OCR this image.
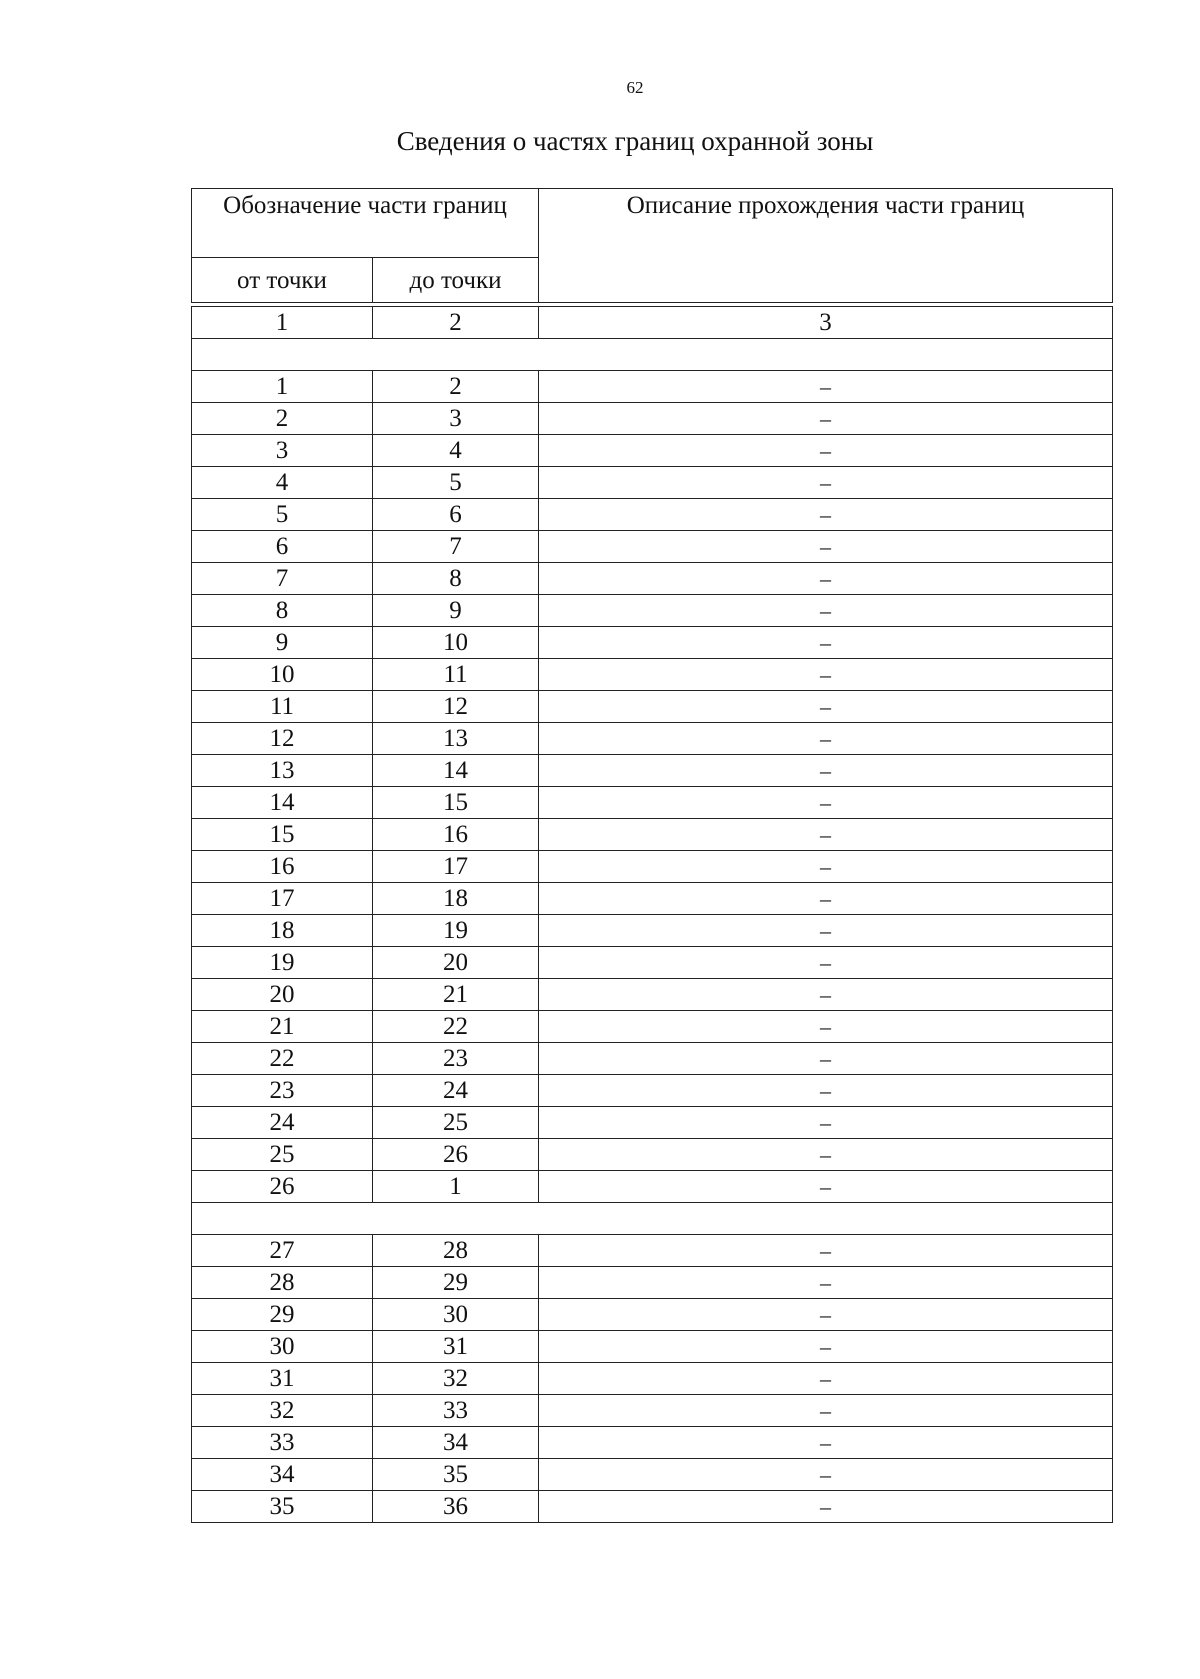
62
Сведения о частях границ охранной зоны
Обозначение части границ		Описание прохождения части границ
от точки	до точки	

1	2	3

1	2	–
2	3	–
3	4	–
4	5	–
5	6	–
6	7	–
7	8	–
8	9	–
9	10	–
10	11	–
11	12	–
12	13	–
13	14	–
14	15	–
15	16	–
16	17	–
17	18	–
18	19	–
19	20	–
20	21	–
21	22	–
22	23	–
23	24	–
24	25	–
25	26	–
26	1	–

27	28	–
28	29	–
29	30	–
30	31	–
31	32	–
32	33	–
33	34	–
34	35	–
35	36	–
